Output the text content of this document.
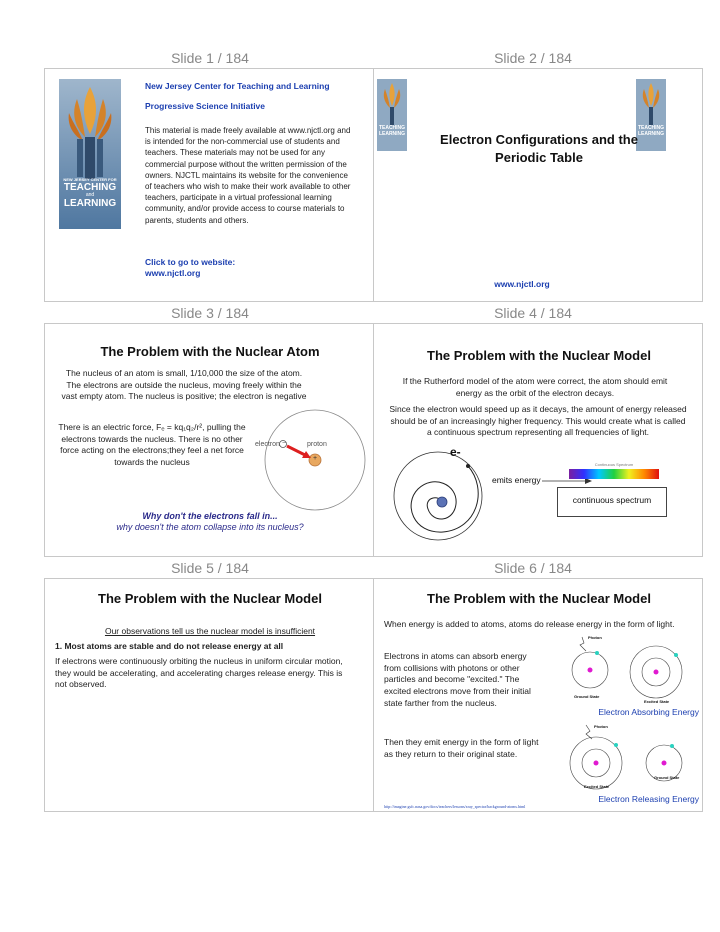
Slide 1 / 184	Slide 2 / 184
Slide 3 / 184	Slide 4 / 184
Slide 5 / 184	Slide 6 / 184
NEW JERSEY CENTER FOR
TEACHING
and
LEARNING
New Jersey Center for Teaching and Learning
Progressive Science Initiative
This material is made freely available at www.njctl.org and is intended for the non-commercial use of students and teachers. These materials may not be used for any commercial purpose without the written permission of the owners. NJCTL maintains its website for the convenience of teachers who wish to make their work available to other teachers, participate in a virtual professional learning community, and/or provide access to course materials to parents, students and others.
Click to go to website:
www.njctl.org
TEACHING
LEARNING
TEACHING
LEARNING
Electron Configurations and the
Periodic Table
www.njctl.org
The Problem with the Nuclear Atom
The nucleus of an atom is small, 1/10,000 the size of the atom. The electrons are outside the nucleus, moving freely within the vast empty atom. The nucleus is positive; the electron is negative
There is an electric force, Fₑ = kq₁q₂/r², pulling the electrons towards the nucleus. There is no other force acting on the electrons;they feel a net force towards the nucleus
electron −	proton
+
Why don't the electrons fall in...
why doesn't the atom collapse into its nucleus?
The Problem with the Nuclear Model
If the Rutherford model of the atom were correct, the atom should emit energy as the orbit of the electron decays.
Since the electron would speed up as it decays, the amount of energy released should be of an increasingly higher frequency. This would create what is called a continuous spectrum representing all frequencies of light.
e-
emits energy
Continuous Spectrum
continuous spectrum
The Problem with the Nuclear Model
Our observations tell us the nuclear model is insufficient
1. Most atoms are stable and do not release energy at all
If electrons were continuously orbiting the nucleus in uniform circular motion, they would be accelerating, and accelerating charges release energy. This is not observed.
The Problem with the Nuclear Model
When energy is added to atoms, atoms do release energy in the form of light.
Electrons in atoms can absorb energy from collisions with photons or other particles and become "excited." The excited electrons move from their initial state farther from the nucleus.
Photon
Ground State
Excited State
Electron Absorbing Energy
Then they emit energy in the form of light as they return to their original state.
Photon
Excited State
Ground State
Electron Releasing Energy
http://imagine.gsfc.nasa.gov/docs/teachers/lessons/xray_spectra/background-atoms.html
